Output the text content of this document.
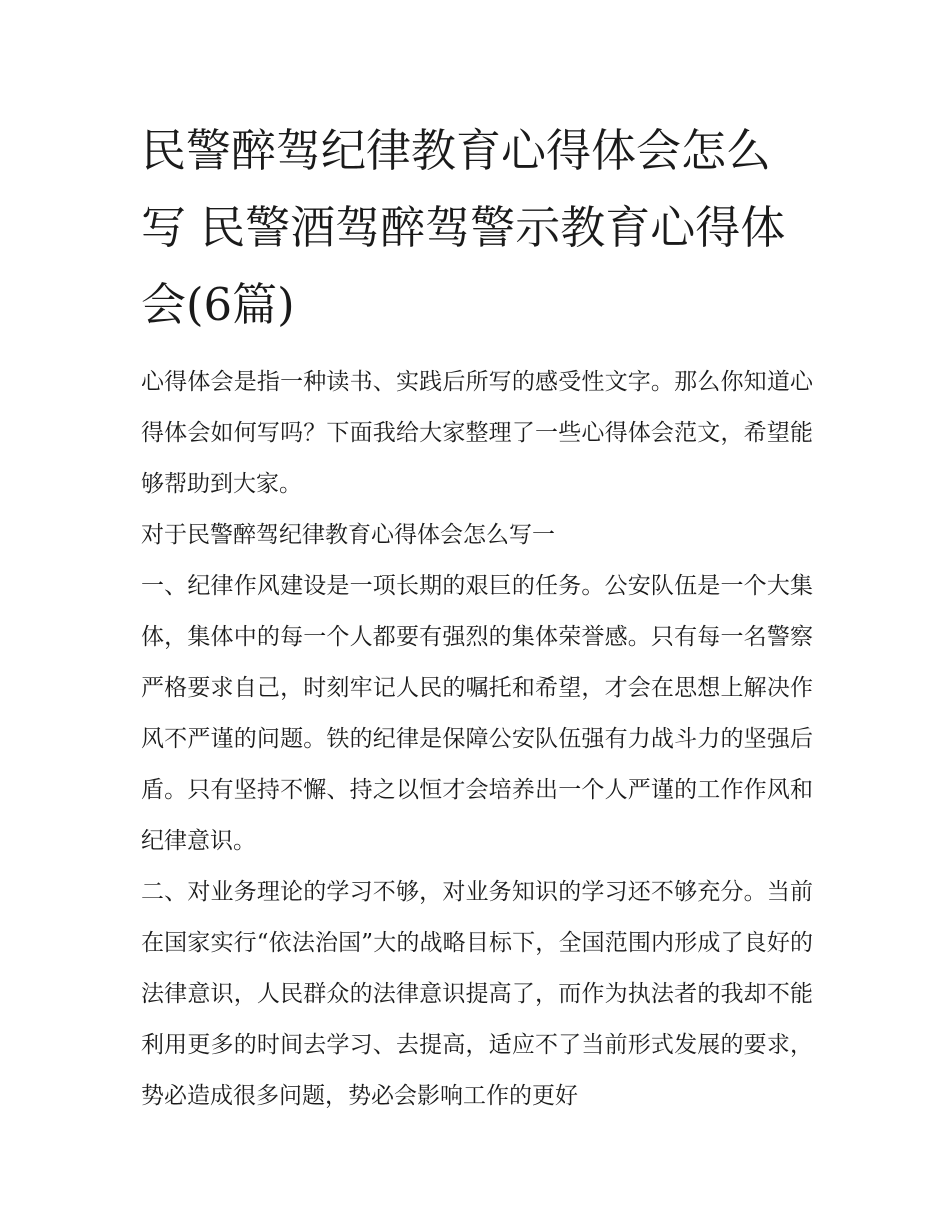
民警醉驾纪律教育心得体会怎么写 民警酒驾醉驾警示教育心得体会(6篇)

心得体会是指一种读书、实践后所写的感受性文字。那么你知道心得体会如何写吗？下面我给大家整理了一些心得体会范文，希望能够帮助到大家。

对于民警醉驾纪律教育心得体会怎么写一

一、纪律作风建设是一项长期的艰巨的任务。公安队伍是一个大集体，集体中的每一个人都要有强烈的集体荣誉感。只有每一名警察严格要求自己，时刻牢记人民的嘱托和希望，才会在思想上解决作风不严谨的问题。铁的纪律是保障公安队伍强有力战斗力的坚强后盾。只有坚持不懈、持之以恒才会培养出一个人严谨的工作作风和纪律意识。

二、对业务理论的学习不够，对业务知识的学习还不够充分。当前在国家实行“依法治国”大的战略目标下，全国范围内形成了良好的法律意识，人民群众的法律意识提高了，而作为执法者的我却不能利用更多的时间去学习、去提高，适应不了当前形式发展的要求，势必造成很多问题，势必会影响工作的更好
